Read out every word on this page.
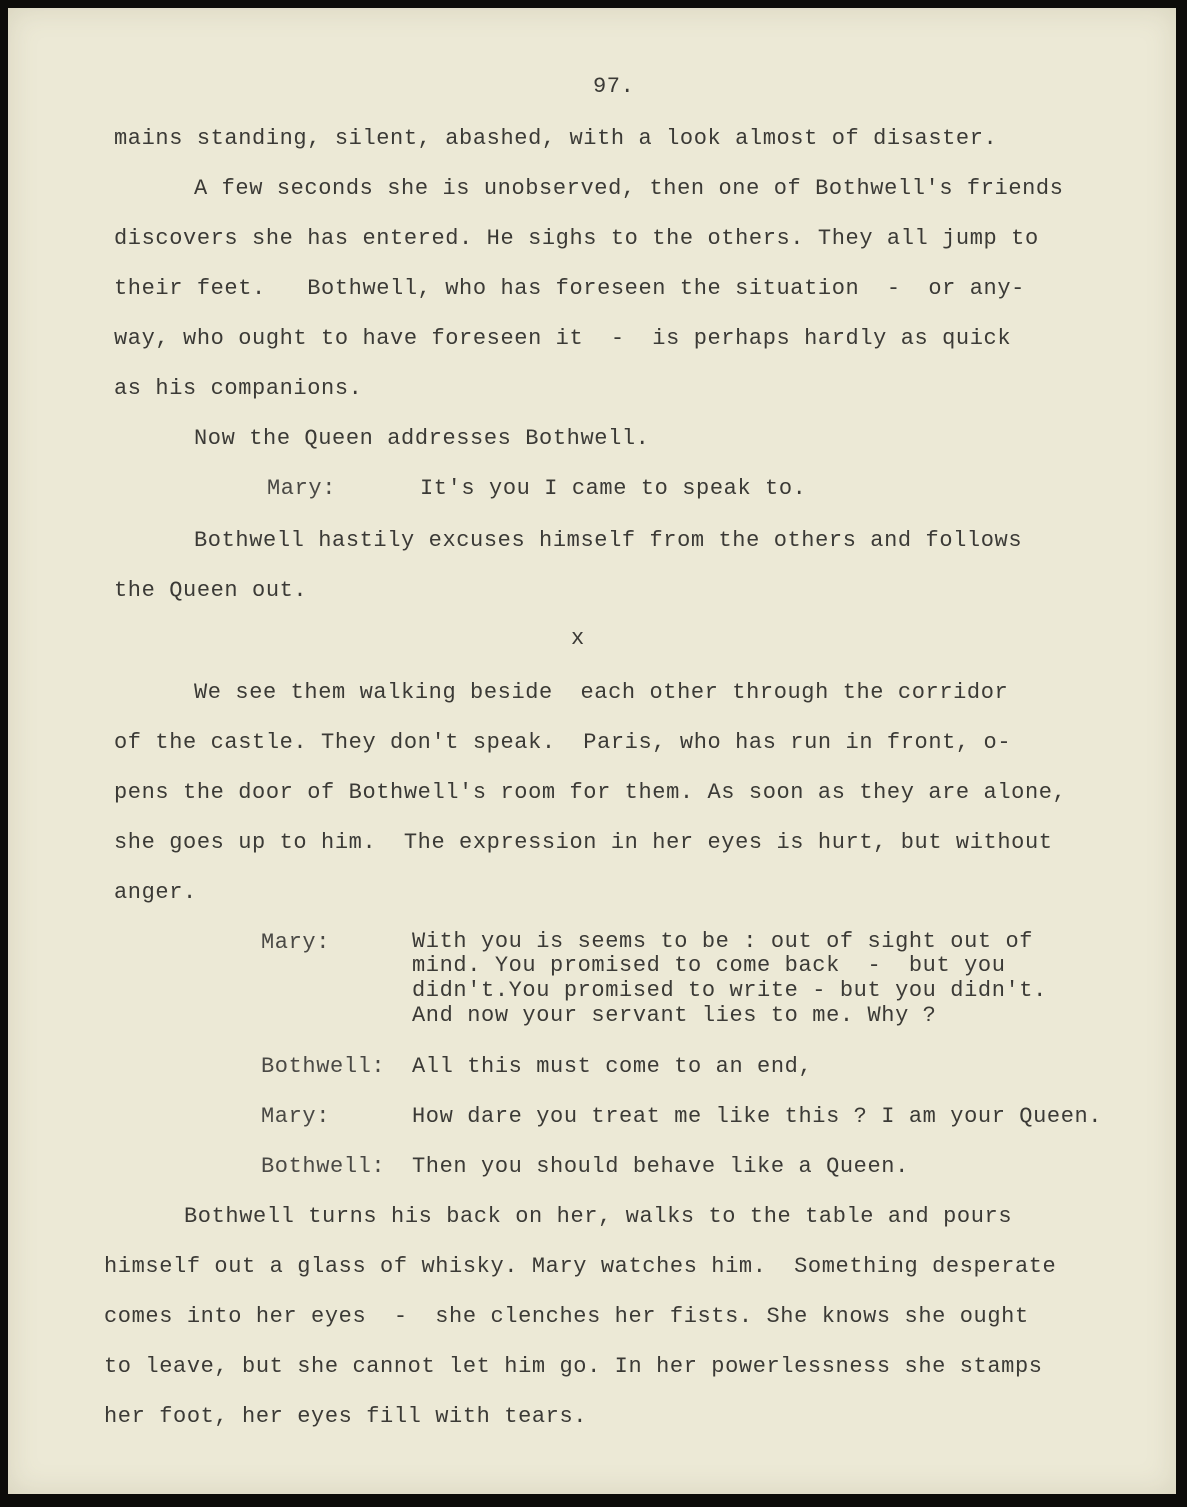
97.
mains standing, silent, abashed, with a look almost of disaster.
A few seconds she is unobserved, then one of Bothwell's friends
discovers she has entered. He sighs to the others. They all jump to
their feet.   Bothwell, who has foreseen the situation  -  or any-
way, who ought to have foreseen it  -  is perhaps hardly as quick
as his companions.
Now the Queen addresses Bothwell.
Mary:	It's you I came to speak to.
Bothwell hastily excuses himself from the others and follows
the Queen out.
x
We see them walking beside  each other through the corridor
of the castle. They don't speak.  Paris, who has run in front, o-
pens the door of Bothwell's room for them. As soon as they are alone,
she goes up to him.  The expression in her eyes is hurt, but without
anger.
Mary:	With you is seems to be : out of sight out of
mind. You promised to come back  -  but you
didn't.You promised to write - but you didn't.
And now your servant lies to me. Why ?
Bothwell: All this must come to an end,
Mary:	How dare you treat me like this ? I am your Queen.
Bothwell: Then you should behave like a Queen.
Bothwell turns his back on her, walks to the table and pours
himself out a glass of whisky. Mary watches him.  Something desperate
comes into her eyes  -  she clenches her fists. She knows she ought
to leave, but she cannot let him go. In her powerlessness she stamps
her foot, her eyes fill with tears.
